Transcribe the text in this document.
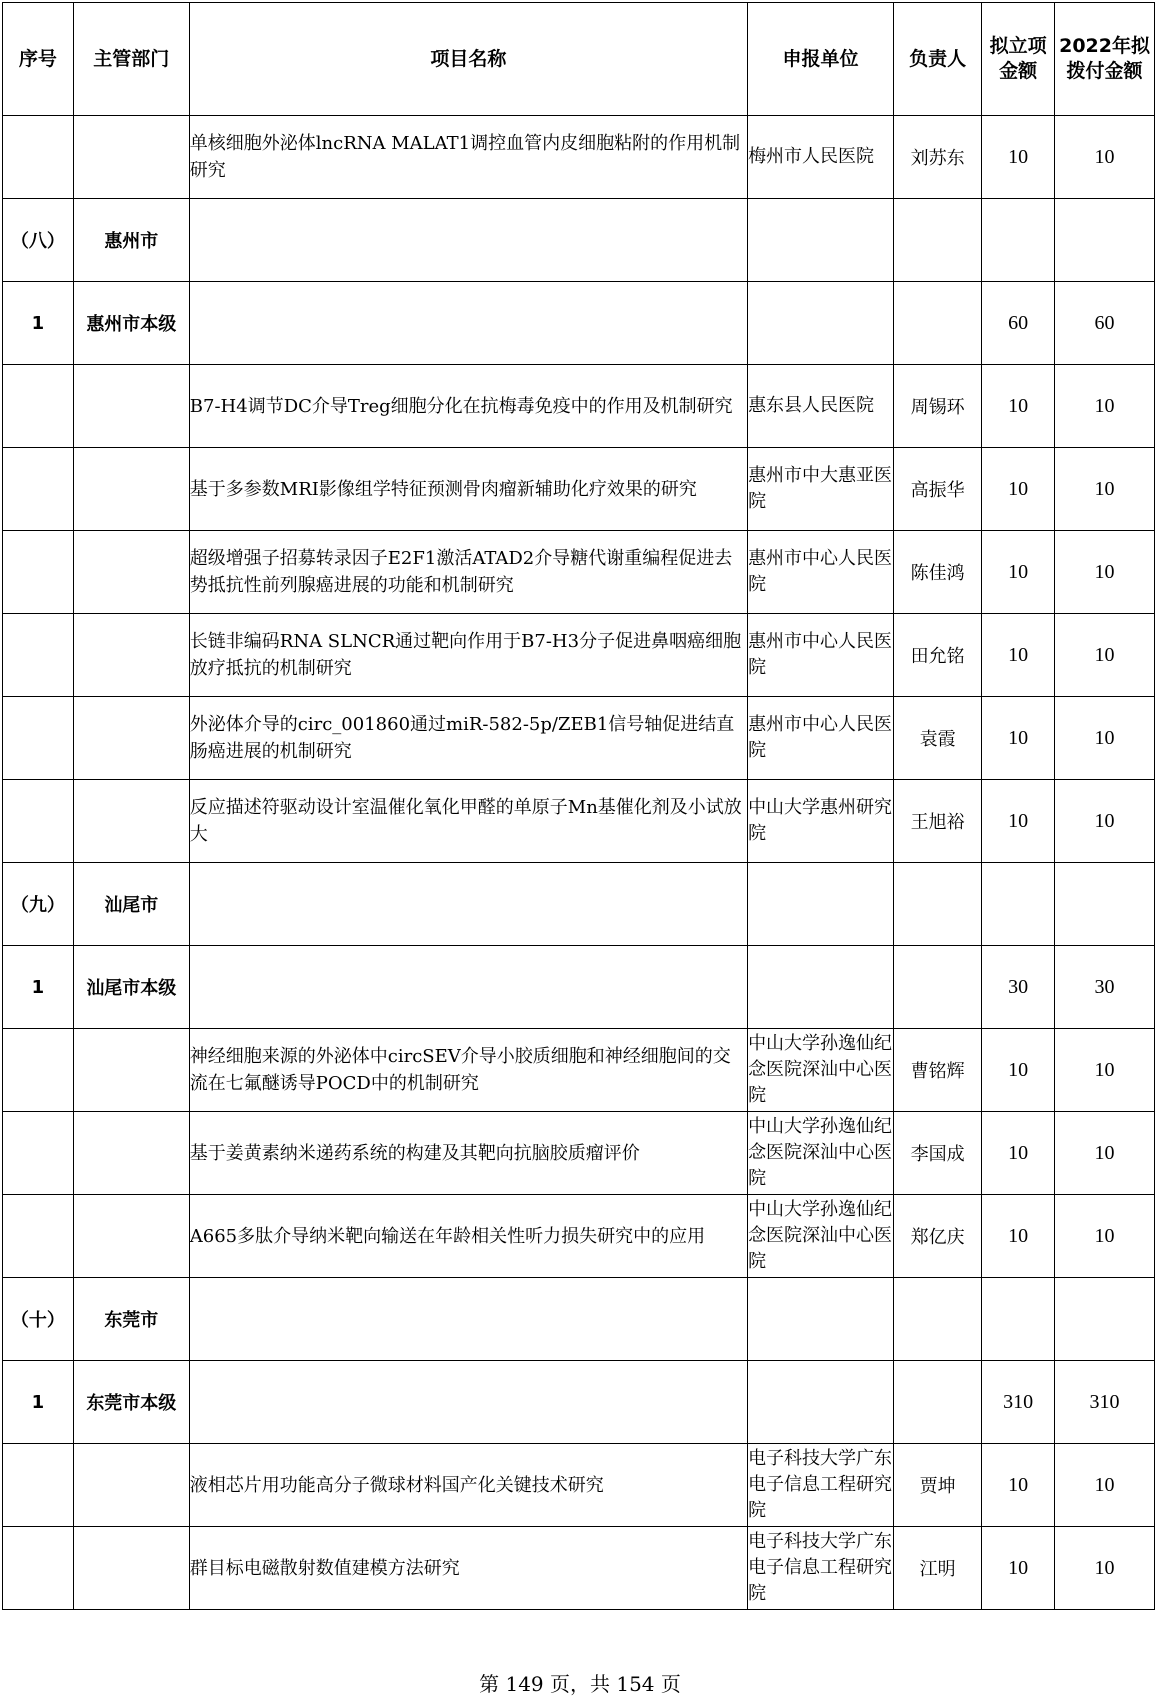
序号	主管部门	项目名称	申报单位	负责人	拟立项金额	2022年拟拨付金额
		单核细胞外泌体lncRNA MALAT1调控血管内皮细胞粘附的作用机制研究	梅州市人民医院	刘苏东	10	10
（八）	惠州市					
1	惠州市本级				60	60
		B7-H4调节DC介导Treg细胞分化在抗梅毒免疫中的作用及机制研究	惠东县人民医院	周锡环	10	10
		基于多参数MRI影像组学特征预测骨肉瘤新辅助化疗效果的研究	惠州市中大惠亚医院	高振华	10	10
		超级增强子招募转录因子E2F1激活ATAD2介导糖代谢重编程促进去势抵抗性前列腺癌进展的功能和机制研究	惠州市中心人民医院	陈佳鸿	10	10
		长链非编码RNA SLNCR通过靶向作用于B7-H3分子促进鼻咽癌细胞放疗抵抗的机制研究	惠州市中心人民医院	田允铭	10	10
		外泌体介导的circ_001860通过miR-582-5p/ZEB1信号轴促进结直肠癌进展的机制研究	惠州市中心人民医院	袁霞	10	10
		反应描述符驱动设计室温催化氧化甲醛的单原子Mn基催化剂及小试放大	中山大学惠州研究院	王旭裕	10	10
（九）	汕尾市					
1	汕尾市本级				30	30
		神经细胞来源的外泌体中circSEV介导小胶质细胞和神经细胞间的交流在七氟醚诱导POCD中的机制研究	中山大学孙逸仙纪念医院深汕中心医院	曹铭辉	10	10
		基于姜黄素纳米递药系统的构建及其靶向抗脑胶质瘤评价	中山大学孙逸仙纪念医院深汕中心医院	李国成	10	10
		A665多肽介导纳米靶向输送在年龄相关性听力损失研究中的应用	中山大学孙逸仙纪念医院深汕中心医院	郑亿庆	10	10
（十）	东莞市					
1	东莞市本级				310	310
		液相芯片用功能高分子微球材料国产化关键技术研究	电子科技大学广东电子信息工程研究院	贾坤	10	10
		群目标电磁散射数值建模方法研究	电子科技大学广东电子信息工程研究院	江明	10	10
第 149 页，共 154 页
